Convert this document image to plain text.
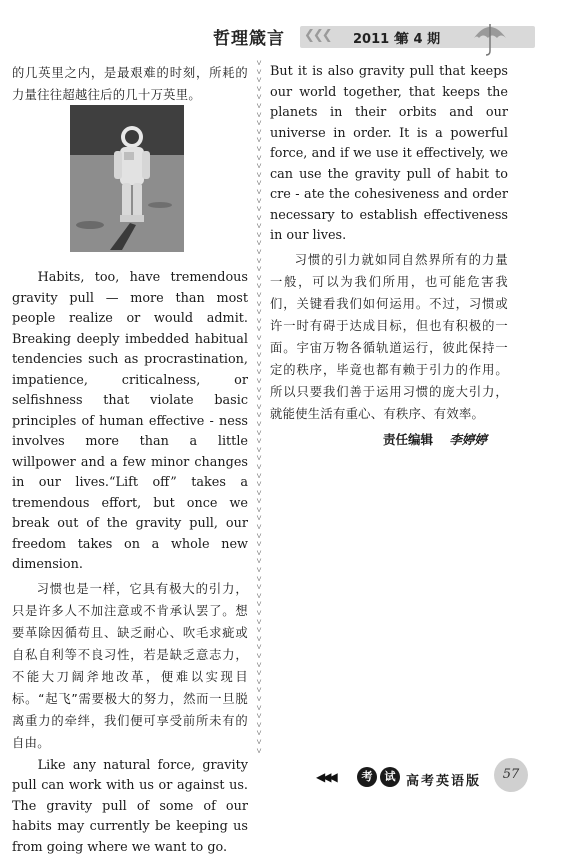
哲理箴言 ❮❮❮ 2011 年
第 4 期

的几英里之内，是最艰难的时刻，所耗的力量往往超越往后的几十万英里。

Habits, too, have tremendous gravity pull — more than most people realize or would admit. Breaking deeply imbedded habitual tendencies such as procrastination, impatience, criticalness, or selfishness that violate basic principles of human effective - ness involves more than a little willpower and a few minor changes in our lives.“Lift off” takes a tremendous effort, but once we break out of the gravity pull, our freedom takes on a whole new dimension.

习惯也是一样，它具有极大的引力，只是许多人不加注意或不肯承认罢了。想要革除因循苟且、缺乏耐心、吹毛求疵或自私自利等不良习性，若是缺乏意志力，不能大刀阔斧地改革，便难以实现目标。“起飞”需要极大的努力，然而一旦脱离重力的牵绊，我们便可享受前所未有的自由。

Like any natural force, gravity pull can work with us or against us. The gravity pull of some of our habits may currently be keeping us from going where we want to go.

˅
˅
˅
˅
˅
˅
˅
˅
˅
˅
˅
˅
˅
˅
˅
˅
˅
˅
˅
˅
˅
˅
˅
˅
˅
˅
˅
˅
˅
˅
˅
˅
˅
˅
˅
˅
˅
˅
˅
˅
˅
˅
˅
˅
˅
˅
˅
˅
˅
˅
˅
˅
˅
˅
˅
˅
˅
˅
˅
˅
˅
˅
˅
˅
˅
˅
˅
˅
˅
˅
˅
˅
˅
˅
˅
˅
˅
˅
˅
˅
˅

But it is also gravity pull that keeps our world together, that keeps the planets in their orbits and our universe in order. It is a powerful force, and if we use it effectively, we can use the gravity pull of habit to cre - ate the cohesiveness and order necessary to establish effectiveness in our lives.

习惯的引力就如同自然界所有的力量一般，可以为我们所用，也可能危害我们，关键看我们如何运用。不过，习惯或许一时有碍于达成目标，但也有积极的一面。宇宙万物各循轨道运行，彼此保持一定的秩序，毕竟也都有赖于引力的作用。所以只要我们善于运用习惯的庞大引力，就能使生活有重心、有秩序、有效率。

责任编辑 李婷婷
◀◀◀	考	试 高考英语版	57
